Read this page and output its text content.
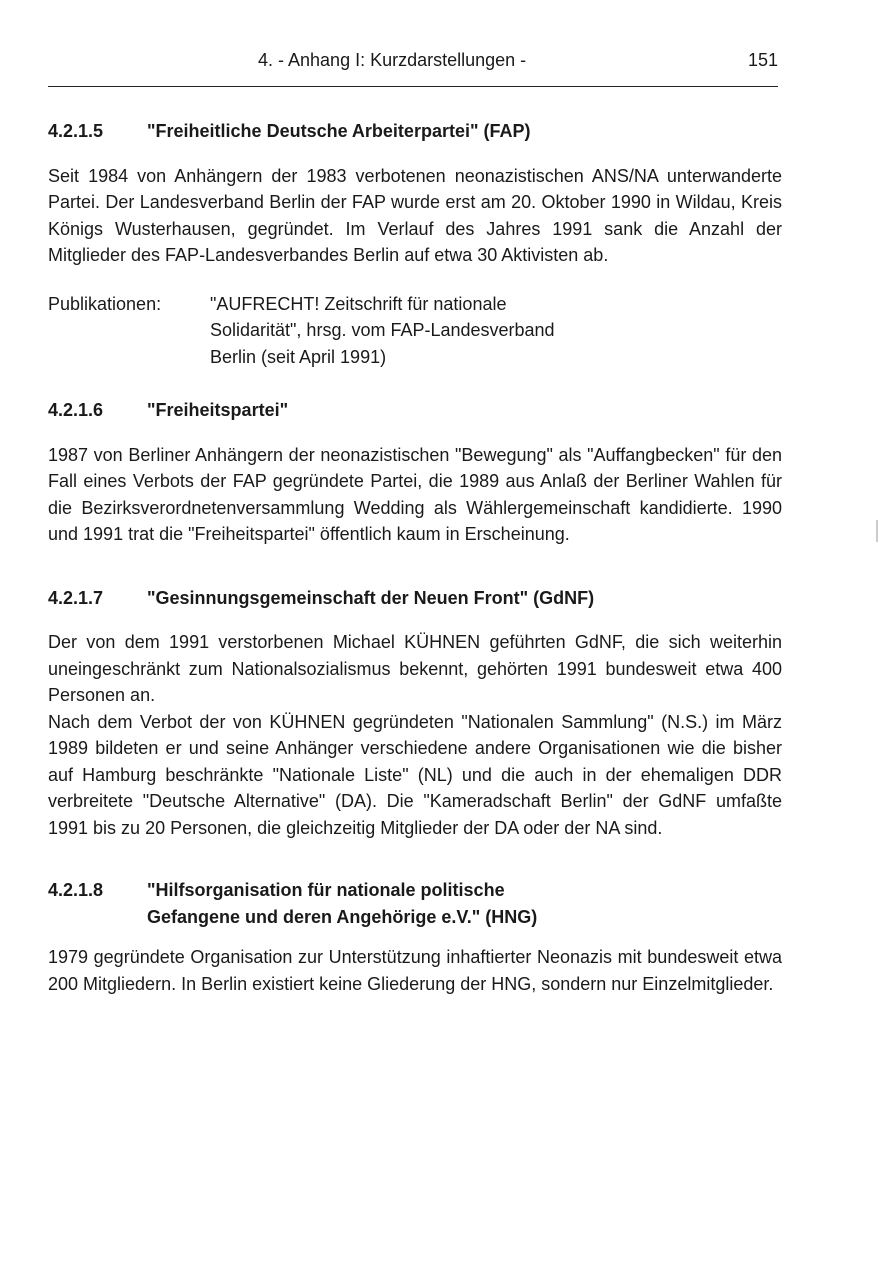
4. - Anhang I: Kurzdarstellungen -	151
4.2.1.5	"Freiheitliche Deutsche Arbeiterpartei" (FAP)

Seit 1984 von Anhängern der 1983 verbotenen neonazistischen ANS/NA unterwanderte Partei. Der Landesverband Berlin der FAP wurde erst am 20. Oktober 1990 in Wildau, Kreis Königs Wusterhausen, gegründet. Im Verlauf des Jahres 1991 sank die Anzahl der Mitglieder des FAP-Landesverbandes Berlin auf etwa 30 Aktivisten ab.

Publikationen:	"AUFRECHT! Zeitschrift für nationale
Solidarität", hrsg. vom FAP-Landesverband
Berlin (seit April 1991)
4.2.1.6	"Freiheitspartei"

1987 von Berliner Anhängern der neonazistischen "Bewegung" als "Auffangbecken" für den Fall eines Verbots der FAP gegründete Partei, die 1989 aus Anlaß der Berliner Wahlen für die Bezirksverordnetenversammlung Wedding als Wählergemeinschaft kandidierte. 1990 und 1991 trat die "Freiheitspartei" öffentlich kaum in Erscheinung.

4.2.1.7	"Gesinnungsgemeinschaft der Neuen Front" (GdNF)

Der von dem 1991 verstorbenen Michael KÜHNEN geführten GdNF, die sich weiterhin uneingeschränkt zum Nationalsozialismus bekennt, gehörten 1991 bundesweit etwa 400 Personen an.

Nach dem Verbot der von KÜHNEN gegründeten "Nationalen Sammlung" (N.S.) im März 1989 bildeten er und seine Anhänger verschiedene andere Organisationen wie die bisher auf Hamburg beschränkte "Nationale Liste" (NL) und die auch in der ehemaligen DDR verbreitete "Deutsche Alternative" (DA). Die "Kameradschaft Berlin" der GdNF umfaßte 1991 bis zu 20 Personen, die gleichzeitig Mitglieder der DA oder der NA sind.

4.2.1.8	"Hilfsorganisation für nationale politische
Gefangene und deren Angehörige e.V." (HNG)

1979 gegründete Organisation zur Unterstützung inhaftierter Neonazis mit bundesweit etwa 200 Mitgliedern. In Berlin existiert keine Gliederung der HNG, sondern nur Einzelmitglieder.
